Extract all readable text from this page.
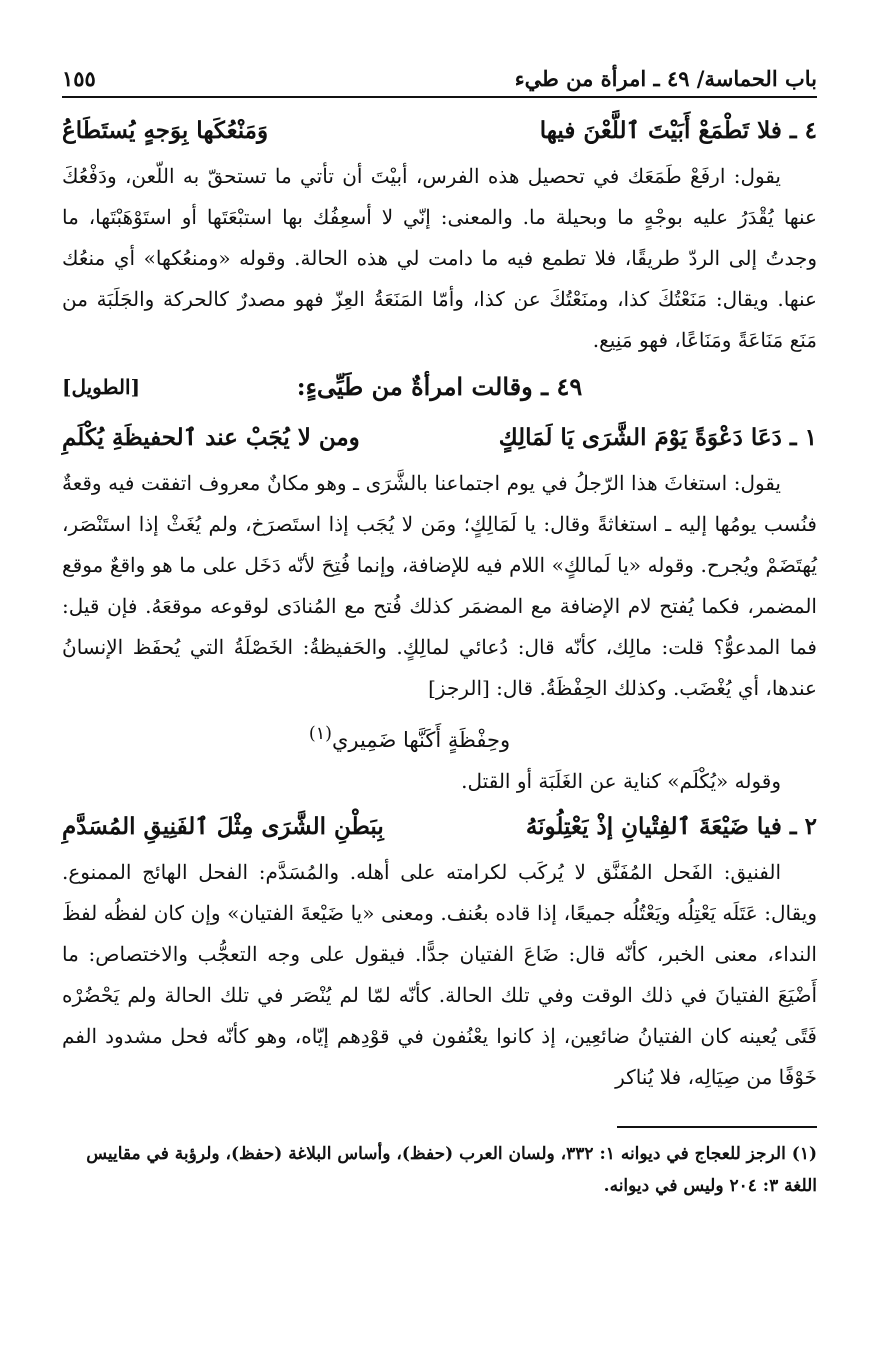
باب الحماسة/ ٤٩ ـ امرأة من طيء
١٥٥
٤ ـ فلا تَطْمَعْ أَبَيْتَ ٱللَّعْنَ فيها
وَمَنْعُكَها بِوَجهٍ يُستَطَاعُ

يقول: ارفَعْ طَمَعَك في تحصيل هذه الفرس، أبيْتَ أن تأتي ما تستحقّ به اللّعن، ودَفْعُكَ عنها يُقْدَرُ عليه بوجْهٍ ما وبحيلة ما. والمعنى: إنّي لا أسعِفُك بها استبْعَتَها أو استَوْهَبْتَها، ما وجدتُ إلى الردّ طريقًا، فلا تطمع فيه ما دامت لي هذه الحالة. وقوله «ومنعُكها» أي منعُك عنها. ويقال: مَنَعْتُكَ كذا، ومنَعْتُكَ عن كذا، وأمّا المَنَعَةُ العِزّ فهو مصدرٌ كالحركة والجَلَبَة من مَنَع مَنَاعَةً ومَنَاعًا، فهو مَنِيع.

٤٩ ـ وقالت امرأةٌ من طَيِّىءٍ:
[الطويل]
١ ـ دَعَا دَعْوَةً يَوْمَ الشَّرَى يَا لَمَالِكٍ
ومن لا يُجَبْ عند ٱلحفيظَةِ يُكْلَمِ

يقول: استغاثَ هذا الرّجلُ في يوم اجتماعنا بالشَّرَى ـ وهو مكانٌ معروف اتفقت فيه وقعةٌ فنُسب يومُها إليه ـ استغاثةً وقال: يا لَمَالِكٍ؛ ومَن لا يُجَب إذا استَصرَخ، ولم يُغَثْ إذا استَنْصَر، يُهتَضَمْ ويُجرح. وقوله «يا لَمالكٍ» اللام فيه للإضافة، وإنما فُتِحَ لأنّه دَخَل على ما هو واقعٌ موقع المضمر، فكما يُفتح لام الإضافة مع المضمَر كذلك فُتح مع المُنادَى لوقوعه موقعَهُ. فإن قيل: فما المدعوُّ؟ قلت: مالِك، كأنّه قال: دُعائي لمالِكٍ. والحَفيظةُ: الخَصْلَةُ التي يُحفَظ الإنسانُ عندها، أي يُغْضَب. وكذلك الحِفْظَةُ. قال: [الرجز]

وحِفْظَةٍ أَكَنَّها ضَمِيري$^{(١)}$

وقوله «يُكْلَم» كناية عن الغَلَبَة أو القتل.

٢ ـ فيا ضَيْعَةَ ٱلفِتْيانِ إذْ يَعْتِلُونَهُ
بِبَطْنِ الشَّرَى مِثْلَ ٱلفَنِيقِ المُسَدَّمِ

الفنيق: الفَحل المُفَنَّق لا يُركَب لكرامته على أهله. والمُسَدَّم: الفحل الهائج الممنوع. ويقال: عَتَلَه يَعْتِلُه ويَعْتُلُه جميعًا، إذا قاده بعُنف. ومعنى «يا ضَيْعةَ الفتيان» وإن كان لفظُه لفظَ النداء، معنى الخبر، كأنّه قال: ضَاعَ الفتيان جدًّا. فيقول على وجه التعجُّب والاختصاص: ما أَضْيَعَ الفتيانَ في ذلك الوقت وفي تلك الحالة. كأنّه لمّا لم يُنْصَر في تلك الحالة ولم يَحْضُرْه فَتًى يُعينه كان الفتيانُ ضائعِين، إذ كانوا يعْنُفون في قوْدِهم إيّاه، وهو كأنّه فحل مشدود الفم خَوْفًا من صِيَالِه، فلا يُناكر

(١) الرجز للعجاج في ديوانه ١: ٣٣٢، ولسان العرب (حفظ)، وأساس البلاغة (حفظ)، ولرؤبة في مقاييس اللغة ٣: ٢٠٤ وليس في ديوانه.
